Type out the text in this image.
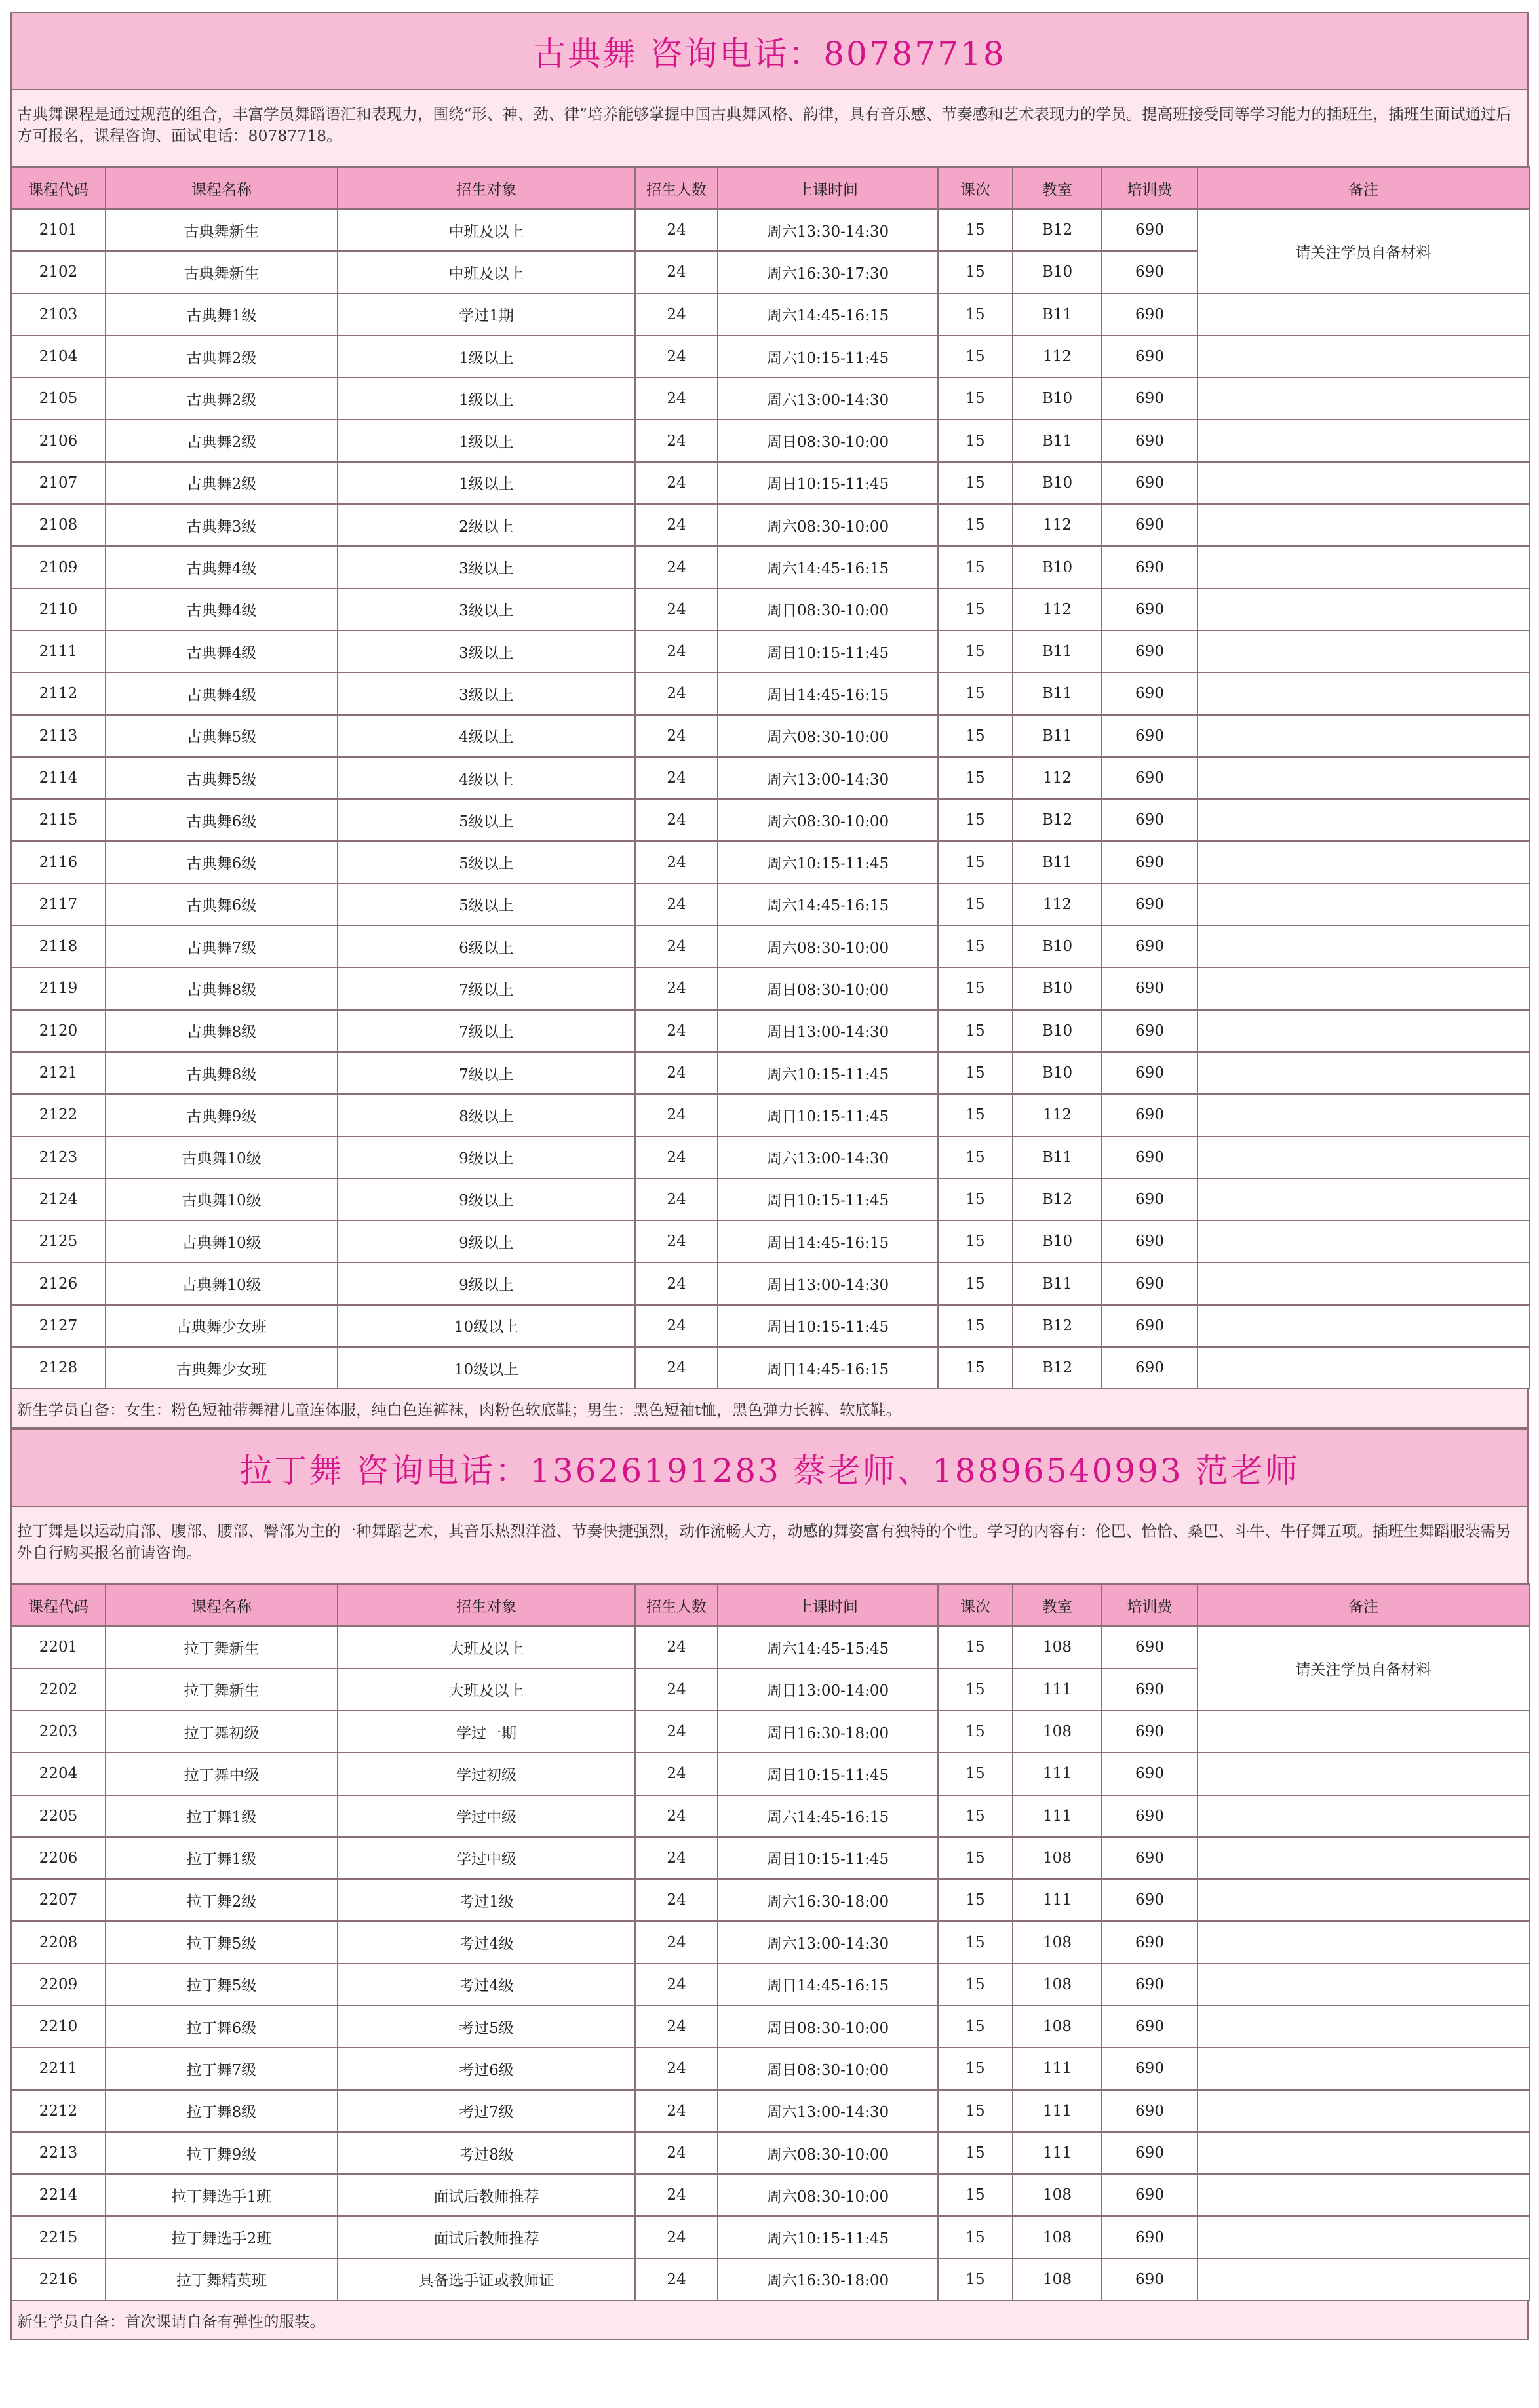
古典舞 咨询电话：80787718
古典舞课程是通过规范的组合，丰富学员舞蹈语汇和表现力，围绕“形、神、劲、律”培养能够掌握中国古典舞风格、韵律，具有音乐感、节奏感和艺术表现力的学员。提高班接受同等学习能力的插班生，插班生面试通过后方可报名，课程咨询、面试电话：80787718。
课程代码	课程名称	招生对象	招生人数	上课时间	课次	教室	培训费	备注
2101	古典舞新生	中班及以上	24	周六13:30-14:30	15	B12	690	请关注学员自备材料
2102	古典舞新生	中班及以上	24	周六16:30-17:30	15	B10	690	
2103	古典舞1级	学过1期	24	周六14:45-16:15	15	B11	690	
2104	古典舞2级	1级以上	24	周六10:15-11:45	15	112	690	
2105	古典舞2级	1级以上	24	周六13:00-14:30	15	B10	690	
2106	古典舞2级	1级以上	24	周日08:30-10:00	15	B11	690	
2107	古典舞2级	1级以上	24	周日10:15-11:45	15	B10	690	
2108	古典舞3级	2级以上	24	周六08:30-10:00	15	112	690	
2109	古典舞4级	3级以上	24	周六14:45-16:15	15	B10	690	
2110	古典舞4级	3级以上	24	周日08:30-10:00	15	112	690	
2111	古典舞4级	3级以上	24	周日10:15-11:45	15	B11	690	
2112	古典舞4级	3级以上	24	周日14:45-16:15	15	B11	690	
2113	古典舞5级	4级以上	24	周六08:30-10:00	15	B11	690	
2114	古典舞5级	4级以上	24	周六13:00-14:30	15	112	690	
2115	古典舞6级	5级以上	24	周六08:30-10:00	15	B12	690	
2116	古典舞6级	5级以上	24	周六10:15-11:45	15	B11	690	
2117	古典舞6级	5级以上	24	周六14:45-16:15	15	112	690	
2118	古典舞7级	6级以上	24	周六08:30-10:00	15	B10	690	
2119	古典舞8级	7级以上	24	周日08:30-10:00	15	B10	690	
2120	古典舞8级	7级以上	24	周日13:00-14:30	15	B10	690	
2121	古典舞8级	7级以上	24	周六10:15-11:45	15	B10	690	
2122	古典舞9级	8级以上	24	周日10:15-11:45	15	112	690	
2123	古典舞10级	9级以上	24	周六13:00-14:30	15	B11	690	
2124	古典舞10级	9级以上	24	周日10:15-11:45	15	B12	690	
2125	古典舞10级	9级以上	24	周日14:45-16:15	15	B10	690	
2126	古典舞10级	9级以上	24	周日13:00-14:30	15	B11	690	
2127	古典舞少女班	10级以上	24	周日10:15-11:45	15	B12	690	
2128	古典舞少女班	10级以上	24	周日14:45-16:15	15	B12	690	
新生学员自备：女生：粉色短袖带舞裙儿童连体服，纯白色连裤袜，肉粉色软底鞋；男生：黑色短袖t恤，黑色弹力长裤、软底鞋。
拉丁舞 咨询电话：13626191283 蔡老师、18896540993 范老师
拉丁舞是以运动肩部、腹部、腰部、臀部为主的一种舞蹈艺术，其音乐热烈洋溢、节奏快捷强烈，动作流畅大方，动感的舞姿富有独特的个性。学习的内容有：伦巴、恰恰、桑巴、斗牛、牛仔舞五项。插班生舞蹈服装需另外自行购买报名前请咨询。
课程代码	课程名称	招生对象	招生人数	上课时间	课次	教室	培训费	备注
2201	拉丁舞新生	大班及以上	24	周六14:45-15:45	15	108	690	请关注学员自备材料
2202	拉丁舞新生	大班及以上	24	周日13:00-14:00	15	111	690	
2203	拉丁舞初级	学过一期	24	周日16:30-18:00	15	108	690	
2204	拉丁舞中级	学过初级	24	周日10:15-11:45	15	111	690	
2205	拉丁舞1级	学过中级	24	周六14:45-16:15	15	111	690	
2206	拉丁舞1级	学过中级	24	周日10:15-11:45	15	108	690	
2207	拉丁舞2级	考过1级	24	周六16:30-18:00	15	111	690	
2208	拉丁舞5级	考过4级	24	周六13:00-14:30	15	108	690	
2209	拉丁舞5级	考过4级	24	周日14:45-16:15	15	108	690	
2210	拉丁舞6级	考过5级	24	周日08:30-10:00	15	108	690	
2211	拉丁舞7级	考过6级	24	周日08:30-10:00	15	111	690	
2212	拉丁舞8级	考过7级	24	周六13:00-14:30	15	111	690	
2213	拉丁舞9级	考过8级	24	周六08:30-10:00	15	111	690	
2214	拉丁舞选手1班	面试后教师推荐	24	周六08:30-10:00	15	108	690	
2215	拉丁舞选手2班	面试后教师推荐	24	周六10:15-11:45	15	108	690	
2216	拉丁舞精英班	具备选手证或教师证	24	周六16:30-18:00	15	108	690	
新生学员自备：首次课请自备有弹性的服装。
